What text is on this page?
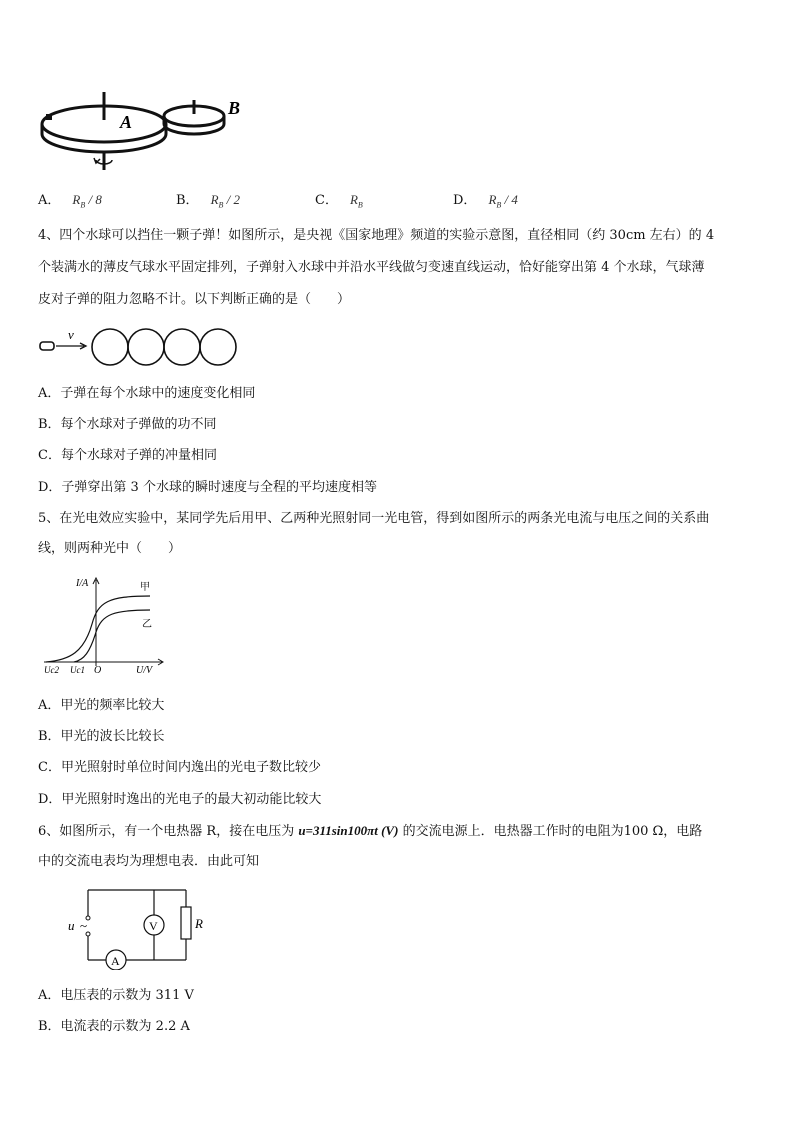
A
B
A． $R_B / 8$	B． $R_B / 2$	C． $R_B$	D． $R_B / 4$
4、四个水球可以挡住一颗子弹！如图所示，是央视《国家地理》频道的实验示意图，直径相同（约 30cm 左右）的 4
个装满水的薄皮气球水平固定排列，子弹射入水球中并沿水平线做匀变速直线运动，恰好能穿出第 4 个水球，气球薄
皮对子弹的阻力忽略不计。以下判断正确的是（　　）
v
A．子弹在每个水球中的速度变化相同
B．每个水球对子弹做的功不同
C．每个水球对子弹的冲量相同
D．子弹穿出第 3 个水球的瞬时速度与全程的平均速度相等
5、在光电效应实验中，某同学先后用甲、乙两种光照射同一光电管，得到如图所示的两条光电流与电压之间的关系曲
线，则两种光中（　　）
I/A	甲
乙
Uc2 Uc1 O	U/V
A．甲光的频率比较大
B．甲光的波长比较长
C．甲光照射时单位时间内逸出的光电子数比较少
D．甲光照射时逸出的光电子的最大初动能比较大
6、如图所示，有一个电热器 R，接在电压为 u=311sin100πt (V) 的交流电源上．电热器工作时的电阻为100 Ω，电路
中的交流电表均为理想电表．由此可知
u ~	V
A
R
A．电压表的示数为 311 V
B．电流表的示数为 2.2 A
